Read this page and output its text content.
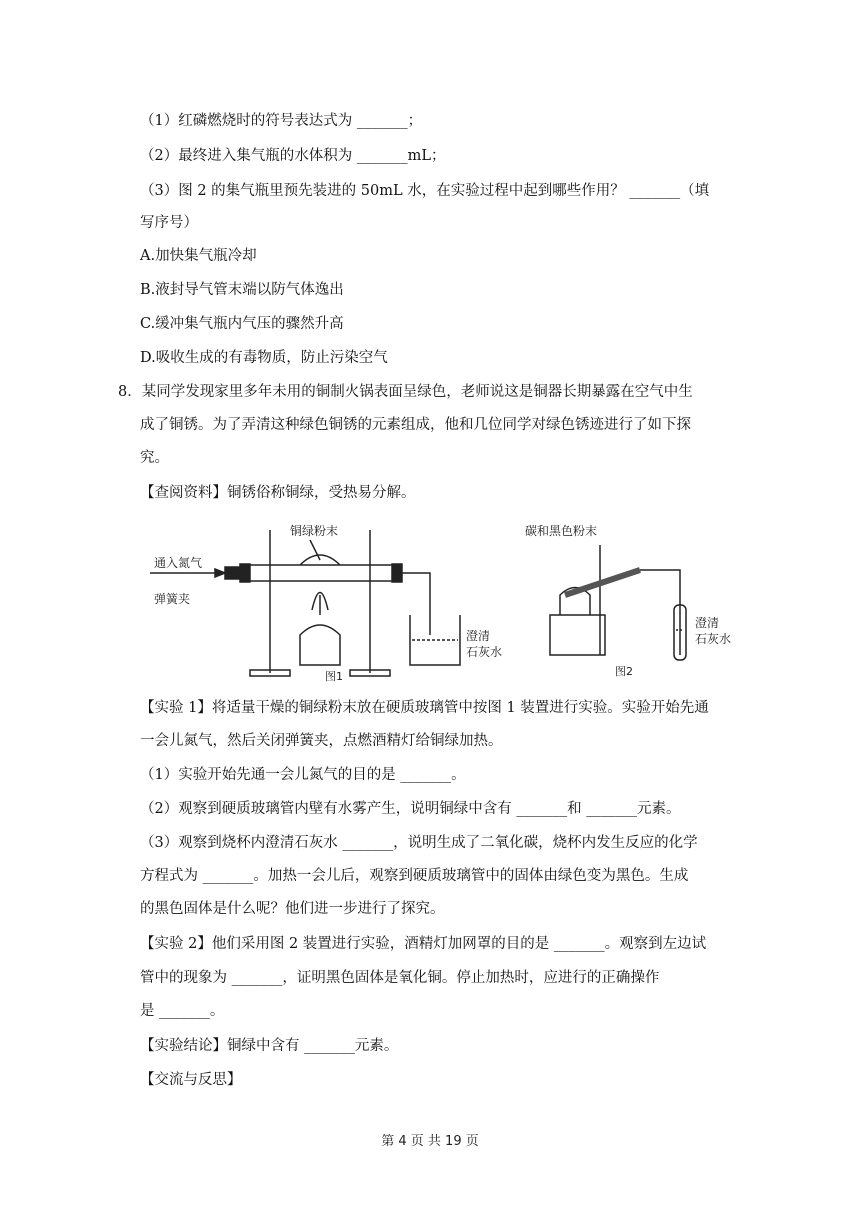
（1）红磷燃烧时的符号表达式为 _______；
（2）最终进入集气瓶的水体积为 _______mL；
（3）图 2 的集气瓶里预先装进的 50mL 水，在实验过程中起到哪些作用？ _______（填
写序号）
A.加快集气瓶冷却
B.液封导气管末端以防气体逸出
C.缓冲集气瓶内气压的骤然升高
D.吸收生成的有毒物质，防止污染空气
8．某同学发现家里多年未用的铜制火锅表面呈绿色，老师说这是铜器长期暴露在空气中生
成了铜锈。为了弄清这种绿色铜锈的元素组成，他和几位同学对绿色锈迹进行了如下探
究。
【查阅资料】铜锈俗称铜绿，受热易分解。
通入氮气
弹簧夹
铜绿粉末
澄清
石灰水
图1
碳和黑色粉末
澄清
石灰水
图2
【实验 1】将适量干燥的铜绿粉末放在硬质玻璃管中按图 1 装置进行实验。实验开始先通
一会儿氮气，然后关闭弹簧夹，点燃酒精灯给铜绿加热。
（1）实验开始先通一会儿氮气的目的是 _______。
（2）观察到硬质玻璃管内壁有水雾产生，说明铜绿中含有 _______和 _______元素。
（3）观察到烧杯内澄清石灰水 _______，说明生成了二氧化碳，烧杯内发生反应的化学
方程式为 _______。加热一会儿后，观察到硬质玻璃管中的固体由绿色变为黑色。生成
的黑色固体是什么呢？他们进一步进行了探究。
【实验 2】他们采用图 2 装置进行实验，酒精灯加网罩的目的是 _______。观察到左边试
管中的现象为 _______，证明黑色固体是氧化铜。停止加热时，应进行的正确操作
是 _______。
【实验结论】铜绿中含有 _______元素。
【交流与反思】
第 4 页 共 19 页
